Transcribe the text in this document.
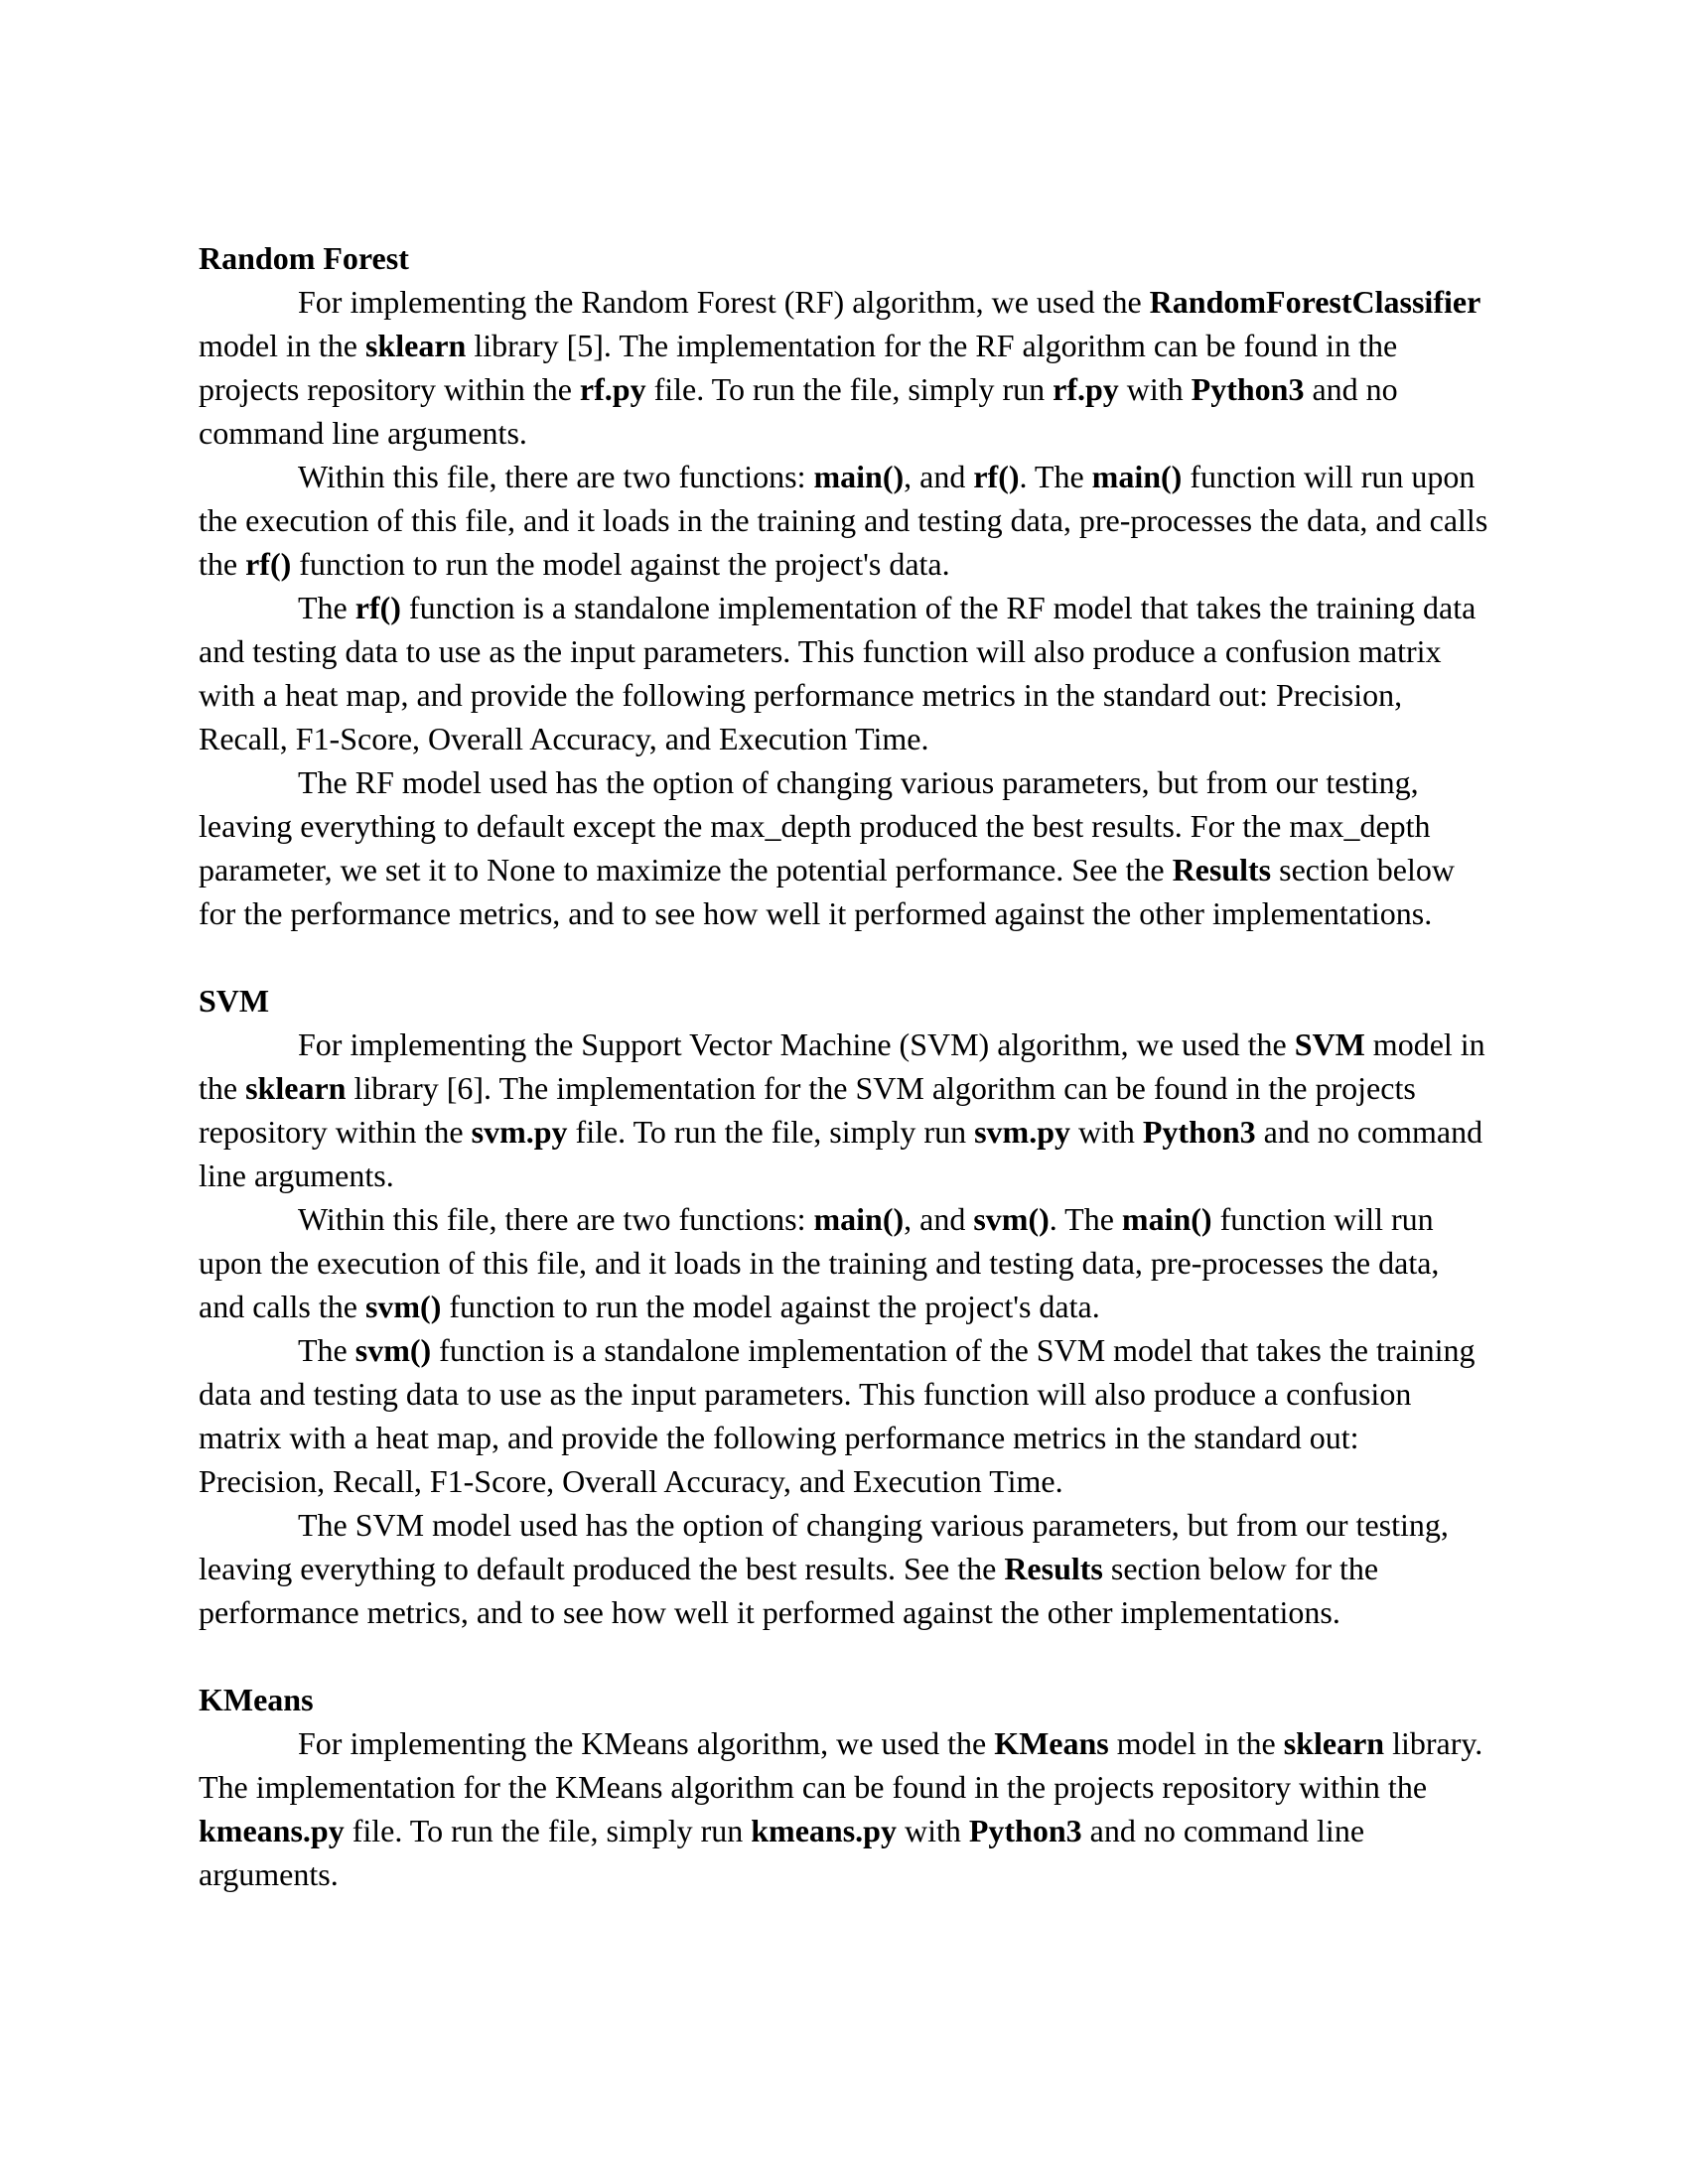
Random Forest

For implementing the Random Forest (RF) algorithm, we used the RandomForestClassifier model in the sklearn library [5]. The implementation for the RF algorithm can be found in the projects repository within the rf.py file. To run the file, simply run rf.py with Python3 and no command line arguments.

Within this file, there are two functions: main(), and rf(). The main() function will run upon the execution of this file, and it loads in the training and testing data, pre-processes the data, and calls the rf() function to run the model against the project's data.

The rf() function is a standalone implementation of the RF model that takes the training data and testing data to use as the input parameters. This function will also produce a confusion matrix with a heat map, and provide the following performance metrics in the standard out: Precision, Recall, F1-Score, Overall Accuracy, and Execution Time.

The RF model used has the option of changing various parameters, but from our testing, leaving everything to default except the max_depth produced the best results. For the max_depth parameter, we set it to None to maximize the potential performance. See the Results section below for the performance metrics, and to see how well it performed against the other implementations.

SVM

For implementing the Support Vector Machine (SVM) algorithm, we used the SVM model in the sklearn library [6]. The implementation for the SVM algorithm can be found in the projects repository within the svm.py file. To run the file, simply run svm.py with Python3 and no command line arguments.

Within this file, there are two functions: main(), and svm(). The main() function will run upon the execution of this file, and it loads in the training and testing data, pre-processes the data, and calls the svm() function to run the model against the project's data.

The svm() function is a standalone implementation of the SVM model that takes the training data and testing data to use as the input parameters. This function will also produce a confusion matrix with a heat map, and provide the following performance metrics in the standard out: Precision, Recall, F1-Score, Overall Accuracy, and Execution Time.

The SVM model used has the option of changing various parameters, but from our testing, leaving everything to default produced the best results. See the Results section below for the performance metrics, and to see how well it performed against the other implementations.

KMeans

For implementing the KMeans algorithm, we used the KMeans model in the sklearn library. The implementation for the KMeans algorithm can be found in the projects repository within the kmeans.py file. To run the file, simply run kmeans.py with Python3 and no command line arguments.
